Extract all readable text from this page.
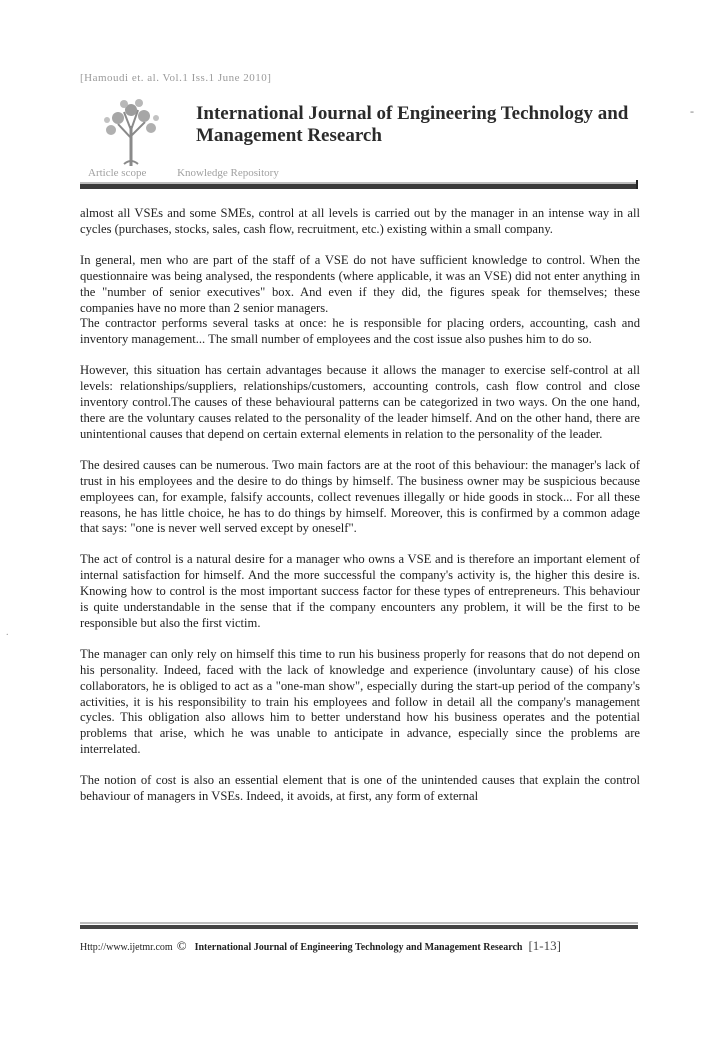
[Hamoudi et. al. Vol.1 Iss.1 June 2010]
International Journal of Engineering Technology and Management Research
-
Article scope	Knowledge Repository

almost all VSEs and some SMEs, control at all levels is carried out by the manager in an intense way in all cycles (purchases, stocks, sales, cash flow, recruitment, etc.) existing within a small company.

In general, men who are part of the staff of a VSE do not have sufficient knowledge to control. When the questionnaire was being analysed, the respondents (where applicable, it was an VSE) did not enter anything in the "number of senior executives" box. And even if they did, the figures speak for themselves; these companies have no more than 2 senior managers.

The contractor performs several tasks at once: he is responsible for placing orders, accounting, cash and inventory management... The small number of employees and the cost issue also pushes him to do so.

However, this situation has certain advantages because it allows the manager to exercise self-control at all levels: relationships/suppliers, relationships/customers, accounting controls, cash flow control and close inventory control.The causes of these behavioural patterns can be categorized in two ways. On the one hand, there are the voluntary causes related to the personality of the leader himself. And on the other hand, there are unintentional causes that depend on certain external elements in relation to the personality of the leader.

The desired causes can be numerous. Two main factors are at the root of this behaviour: the manager's lack of trust in his employees and the desire to do things by himself. The business owner may be suspicious because employees can, for example, falsify accounts, collect revenues illegally or hide goods in stock... For all these reasons, he has little choice, he has to do things by himself. Moreover, this is confirmed by a common adage that says: "one is never well served except by oneself".

The act of control is a natural desire for a manager who owns a VSE and is therefore an important element of internal satisfaction for himself. And the more successful the company's activity is, the higher this desire is. Knowing how to control is the most important success factor for these types of entrepreneurs. This behaviour is quite understandable in the sense that if the company encounters any problem, it will be the first to be responsible but also the first victim.

The manager can only rely on himself this time to run his business properly for reasons that do not depend on his personality. Indeed, faced with the lack of knowledge and experience (involuntary cause) of his close collaborators, he is obliged to act as a "one-man show", especially during the start-up period of the company's activities, it is his responsibility to train his employees and follow in detail all the company's management cycles. This obligation also allows him to better understand how his business operates and the potential problems that arise, which he was unable to anticipate in advance, especially since the problems are interrelated.

The notion of cost is also an essential element that is one of the unintended causes that explain the control behaviour of managers in VSEs. Indeed, it avoids, at first, any form of external

.
Http://www.ijetmr.com © International Journal of Engineering Technology and Management Research [1-13]
